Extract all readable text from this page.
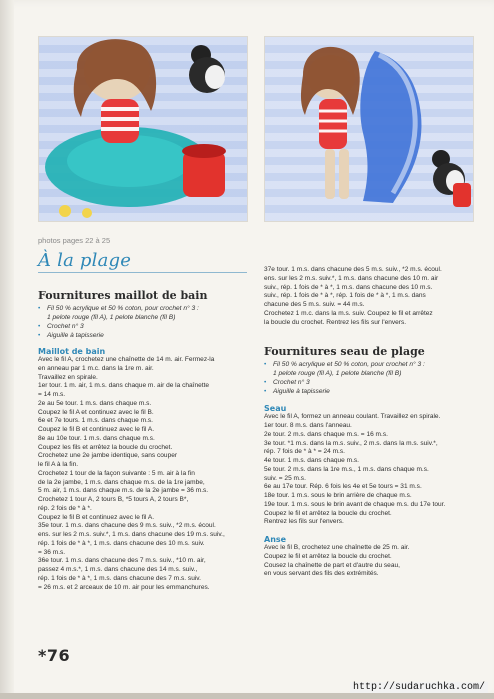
photos pages 22 à 25
À la plage
Fournitures maillot de bain
• Fil 50 % acrylique et 50 % coton, pour crochet n° 3 :
1 pelote rouge (fil A), 1 pelote blanche (fil B)
• Crochet n° 3
• Aiguille à tapisserie
Maillot de bain

Avec le fil A, crochetez une chaînette de 14 m. air. Fermez-la
en anneau par 1 m.c. dans la 1re m. air.
Travaillez en spirale.
1er tour. 1 m. air, 1 m.s. dans chaque m. air de la chaînette
= 14 m.s.
2e au 5e tour. 1 m.s. dans chaque m.s.
Coupez le fil A et continuez avec le fil B.
6e et 7e tours. 1 m.s. dans chaque m.s.
Coupez le fil B et continuez avec le fil A.
8e au 10e tour. 1 m.s. dans chaque m.s.
Coupez les fils et arrêtez la boucle du crochet.
Crochetez une 2e jambe identique, sans couper
le fil A à la fin.
Crochetez 1 tour de la façon suivante : 5 m. air à la fin
de la 2e jambe, 1 m.s. dans chaque m.s. de la 1re jambe,
5 m. air, 1 m.s. dans chaque m.s. de la 2e jambe = 36 m.s.
Crochetez 1 tour A, 2 tours B, *5 tours A, 2 tours B*,
rép. 2 fois de * à *.
Coupez le fil B et continuez avec le fil A.
35e tour. 1 m.s. dans chacune des 9 m.s. suiv., *2 m.s. écoul.
ens. sur les 2 m.s. suiv.*, 1 m.s. dans chacune des 19 m.s. suiv.,
rép. 1 fois de * à *, 1 m.s. dans chacune des 10 m.s. suiv.
= 36 m.s.
36e tour. 1 m.s. dans chacune des 7 m.s. suiv., *10 m. air,
passez 4 m.s.*, 1 m.s. dans chacune des 14 m.s. suiv.,
rép. 1 fois de * à *, 1 m.s. dans chacune des 7 m.s. suiv.
= 26 m.s. et 2 arceaux de 10 m. air pour les emmanchures.

37e tour. 1 m.s. dans chacune des 5 m.s. suiv., *2 m.s. écoul.
ens. sur les 2 m.s. suiv.*, 1 m.s. dans chacune des 10 m. air
suiv., rép. 1 fois de * à *, 1 m.s. dans chacune des 10 m.s.
suiv., rép. 1 fois de * à *, rép. 1 fois de * à *, 1 m.s. dans
chacune des 5 m.s. suiv. = 44 m.s.
Crochetez 1 m.c. dans la m.s. suiv. Coupez le fil et arrêtez
la boucle du crochet. Rentrez les fils sur l'envers.

Fournitures seau de plage
• Fil 50 % acrylique et 50 % coton, pour crochet n° 3 :
1 pelote rouge (fil A), 1 pelote blanche (fil B)
• Crochet n° 3
• Aiguille à tapisserie
Seau

Avec le fil A, formez un anneau coulant. Travaillez en spirale.
1er tour. 8 m.s. dans l'anneau.
2e tour. 2 m.s. dans chaque m.s. = 16 m.s.
3e tour. *1 m.s. dans la m.s. suiv., 2 m.s. dans la m.s. suiv.*,
rép. 7 fois de * à * = 24 m.s.
4e tour. 1 m.s. dans chaque m.s.
5e tour. 2 m.s. dans la 1re m.s., 1 m.s. dans chaque m.s.
suiv. = 25 m.s.
6e au 17e tour. Rép. 6 fois les 4e et 5e tours = 31 m.s.
18e tour. 1 m.s. sous le brin arrière de chaque m.s.
19e tour. 1 m.s. sous le brin avant de chaque m.s. du 17e tour.
Coupez le fil et arrêtez la boucle du crochet.
Rentrez les fils sur l'envers.

Anse

Avec le fil B, crochetez une chaînette de 25 m. air.
Coupez le fil et arrêtez la boucle du crochet.
Cousez la chaînette de part et d'autre du seau,
en vous servant des fils des extrémités.

*76
http://sudaruchka.com/
